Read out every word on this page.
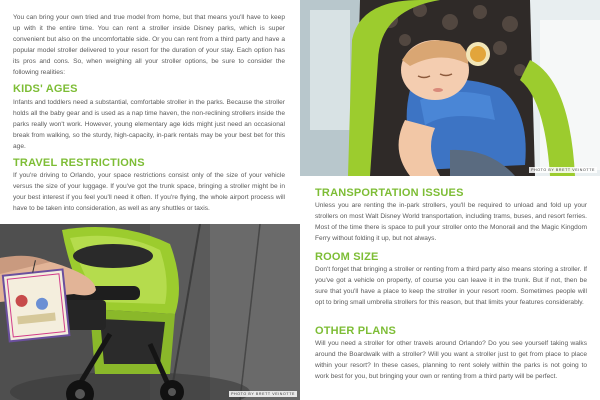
You can bring your own tried and true model from home, but that means you'll have to keep up with it the entire time. You can rent a stroller inside Disney parks, which is super convenient but also on the uncomfortable side. Or you can rent from a third party and have a popular model stroller delivered to your resort for the duration of your stay. Each option has its pros and cons. So, when weighing all your stroller options, be sure to consider the following realities:

KIDS' AGES

Infants and toddlers need a substantial, comfortable stroller in the parks. Because the stroller holds all the baby gear and is used as a nap time haven, the non-reclining strollers inside the parks really won't work. However, young elementary age kids might just need an occasional break from walking, so the sturdy, high-capacity, in-park rentals may be your best bet for this age.

TRAVEL RESTRICTIONS

If you're driving to Orlando, your space restrictions consist only of the size of your vehicle versus the size of your luggage. If you've got the trunk space, bringing a stroller might be in your best interest if you feel you'll need it often. If you're flying, the whole airport process will have to be taken into consideration, as well as any shuttles or taxis.

PHOTO BY BRETT VEINOTTE
PHOTO BY BRETT VEINOTTE
TRANSPORTATION ISSUES

Unless you are renting the in-park strollers, you'll be required to unload and fold up your strollers on most Walt Disney World transportation, including trams, buses, and resort ferries. Most of the time there is space to pull your stroller onto the Monorail and the Magic Kingdom Ferry without folding it up, but not always.

ROOM SIZE

Don't forget that bringing a stroller or renting from a third party also means storing a stroller. If you've got a vehicle on property, of course you can leave it in the trunk. But if not, then be sure that you'll have a place to keep the stroller in your resort room. Sometimes people will opt to bring small umbrella strollers for this reason, but that limits your features considerably.

OTHER PLANS

Will you need a stroller for other travels around Orlando? Do you see yourself taking walks around the Boardwalk with a stroller? Will you want a stroller just to get from place to place within your resort? In these cases, planning to rent solely within the parks is not going to work best for you, but bringing your own or renting from a third party will be perfect.
